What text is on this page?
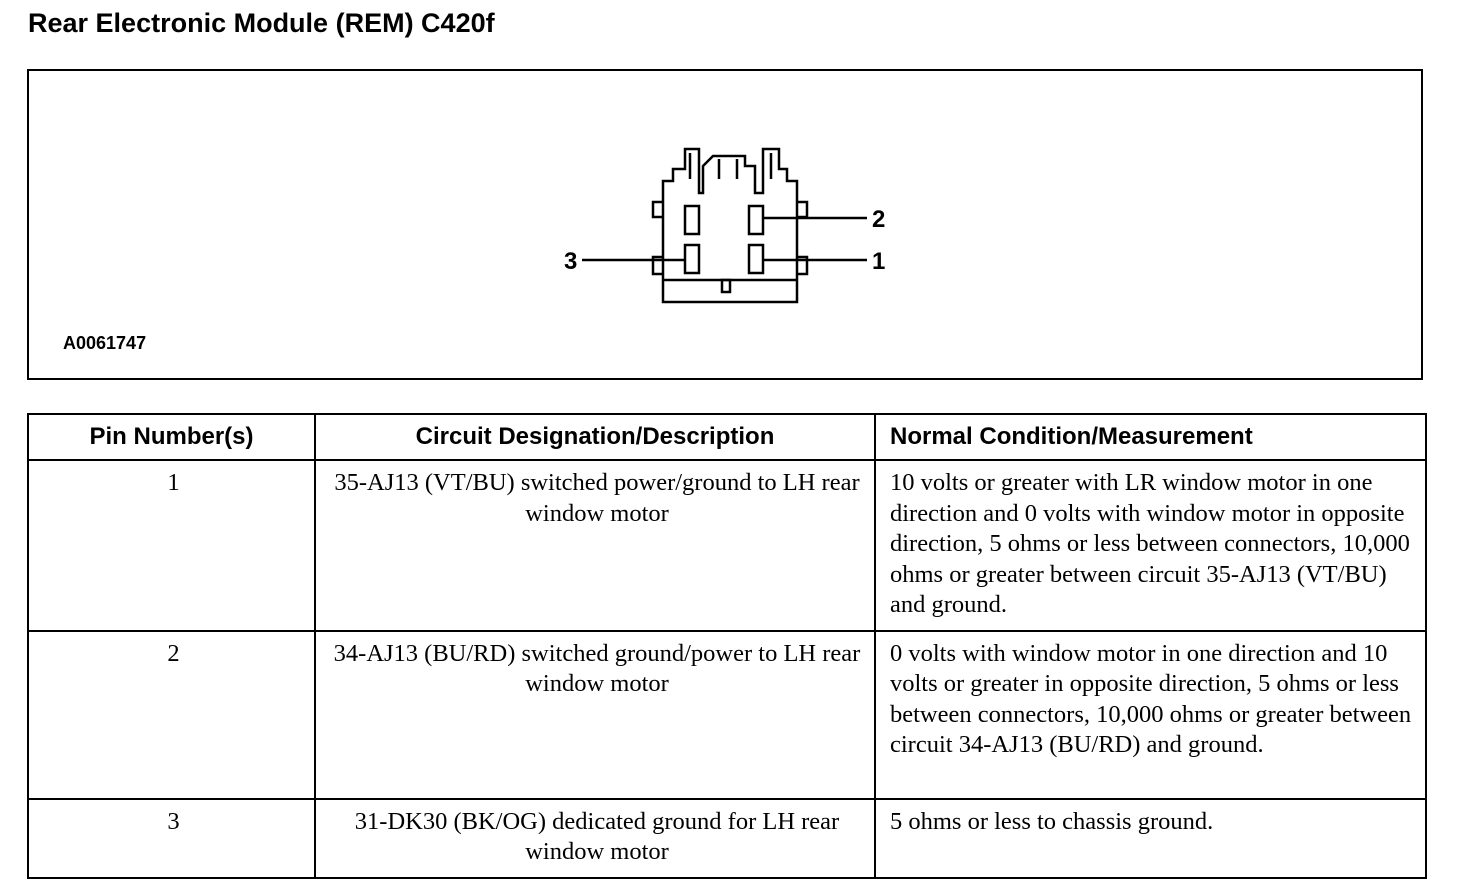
Rear Electronic Module (REM) C420f
2
1
3
A0061747
Pin Number(s)	Circuit Designation/Description	Normal Condition/Measurement
1	35-AJ13 (VT/BU) switched power/ground to LH rear window motor	10 volts or greater with LR window motor in one direction and 0 volts with window motor in opposite direction, 5 ohms or less between connectors, 10,000 ohms or greater between circuit 35-AJ13 (VT/BU) and ground.
2	34-AJ13 (BU/RD) switched ground/power to LH rear window motor	0 volts with window motor in one direction and 10 volts or greater in opposite direction, 5 ohms or less between connectors, 10,000 ohms or greater between circuit 34-AJ13 (BU/RD) and ground.
3	31-DK30 (BK/OG) dedicated ground for LH rear window motor	5 ohms or less to chassis ground.
